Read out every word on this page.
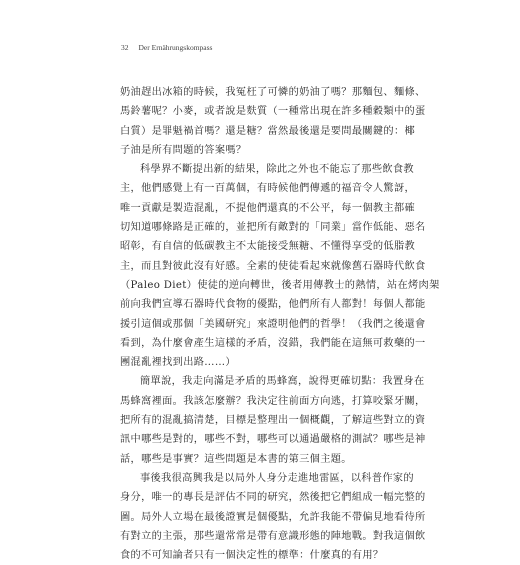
32 Der Ernährungskompass
奶油趕出冰箱的時候，我冤枉了可憐的奶油了嗎？那麵包、麵條、
馬鈴薯呢？小麥，或者說是麩質（一種常出現在許多種穀類中的蛋
白質）是罪魁禍首嗎？還是糖？當然最後還是要問最關鍵的：椰
子油是所有問題的答案嗎？
科學界不斷提出新的結果，除此之外也不能忘了那些飲食教
主，他們感覺上有一百萬個，有時候他們傳遞的福音令人驚訝，
唯一貢獻是製造混亂，不提他們還真的不公平，每一個教主都確
切知道哪條路是正確的，並把所有敵對的「同業」當作低能、惡名
昭彰，有自信的低碳教主不太能接受無糖、不懂得享受的低脂教
主，而且對彼此沒有好感。全素的使徒看起來就像舊石器時代飲食
（Paleo Diet）使徒的逆向轉世，後者用傳教士的熱情，站在烤肉架
前向我們宣導石器時代食物的優點，他們所有人都對！每個人都能
援引這個或那個「美國研究」來證明他們的哲學！（我們之後還會
看到，為什麼會產生這樣的矛盾，沒錯，我們能在這無可救藥的一
團混亂裡找到出路……）
簡單說，我走向滿是矛盾的馬蜂窩，說得更確切點：我置身在
馬蜂窩裡面。我該怎麼辦？我決定往前面方向逃，打算咬緊牙關，
把所有的混亂搞清楚，目標是整理出一個概觀，了解這些對立的資
訊中哪些是對的，哪些不對，哪些可以通過嚴格的測試？哪些是神
話，哪些是事實？這些問題是本書的第三個主題。
事後我很高興我是以局外人身分走進地雷區，以科普作家的
身分，唯一的專長是評估不同的研究，然後把它們組成一幅完整的
圖。局外人立場在最後證實是個優點，允許我能不帶偏見地看待所
有對立的主張，那些還常常是帶有意識形態的陣地戰。對我這個飲
食的不可知論者只有一個決定性的標準：什麼真的有用？
